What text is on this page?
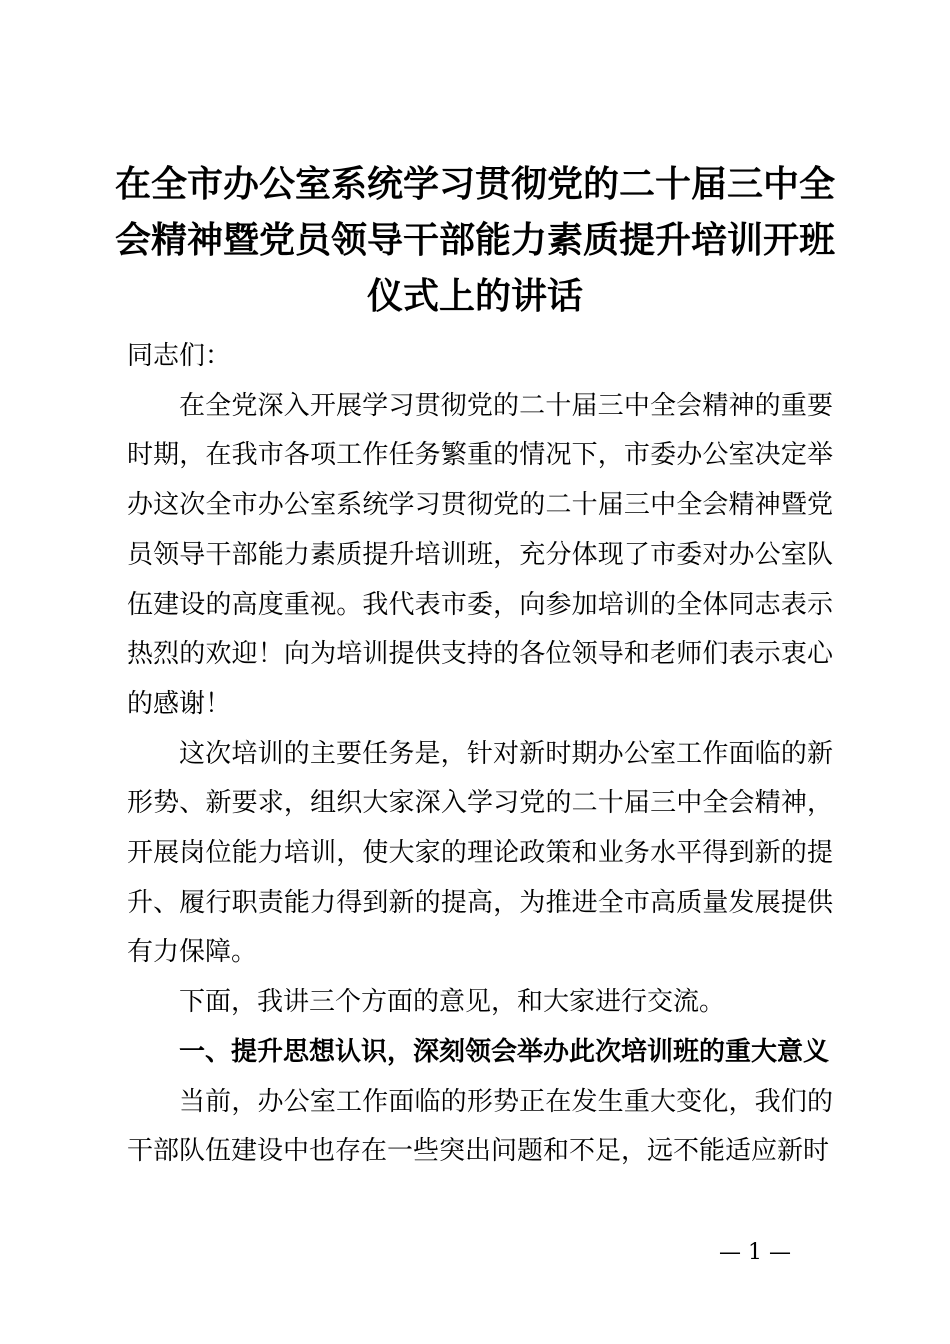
在全市办公室系统学习贯彻党的二十届三中全会精神暨党员领导干部能力素质提升培训开班仪式上的讲话

同志们：

在全党深入开展学习贯彻党的二十届三中全会精神的重要时期，在我市各项工作任务繁重的情况下，市委办公室决定举办这次全市办公室系统学习贯彻党的二十届三中全会精神暨党员领导干部能力素质提升培训班，充分体现了市委对办公室队伍建设的高度重视。我代表市委，向参加培训的全体同志表示热烈的欢迎！向为培训提供支持的各位领导和老师们表示衷心的感谢！

这次培训的主要任务是，针对新时期办公室工作面临的新形势、新要求，组织大家深入学习党的二十届三中全会精神，开展岗位能力培训，使大家的理论政策和业务水平得到新的提升、履行职责能力得到新的提高，为推进全市高质量发展提供有力保障。

下面，我讲三个方面的意见，和大家进行交流。

一、提升思想认识，深刻领会举办此次培训班的重大意义

当前，办公室工作面临的形势正在发生重大变化，我们的干部队伍建设中也存在一些突出问题和不足，远不能适应新时

— 1 —
